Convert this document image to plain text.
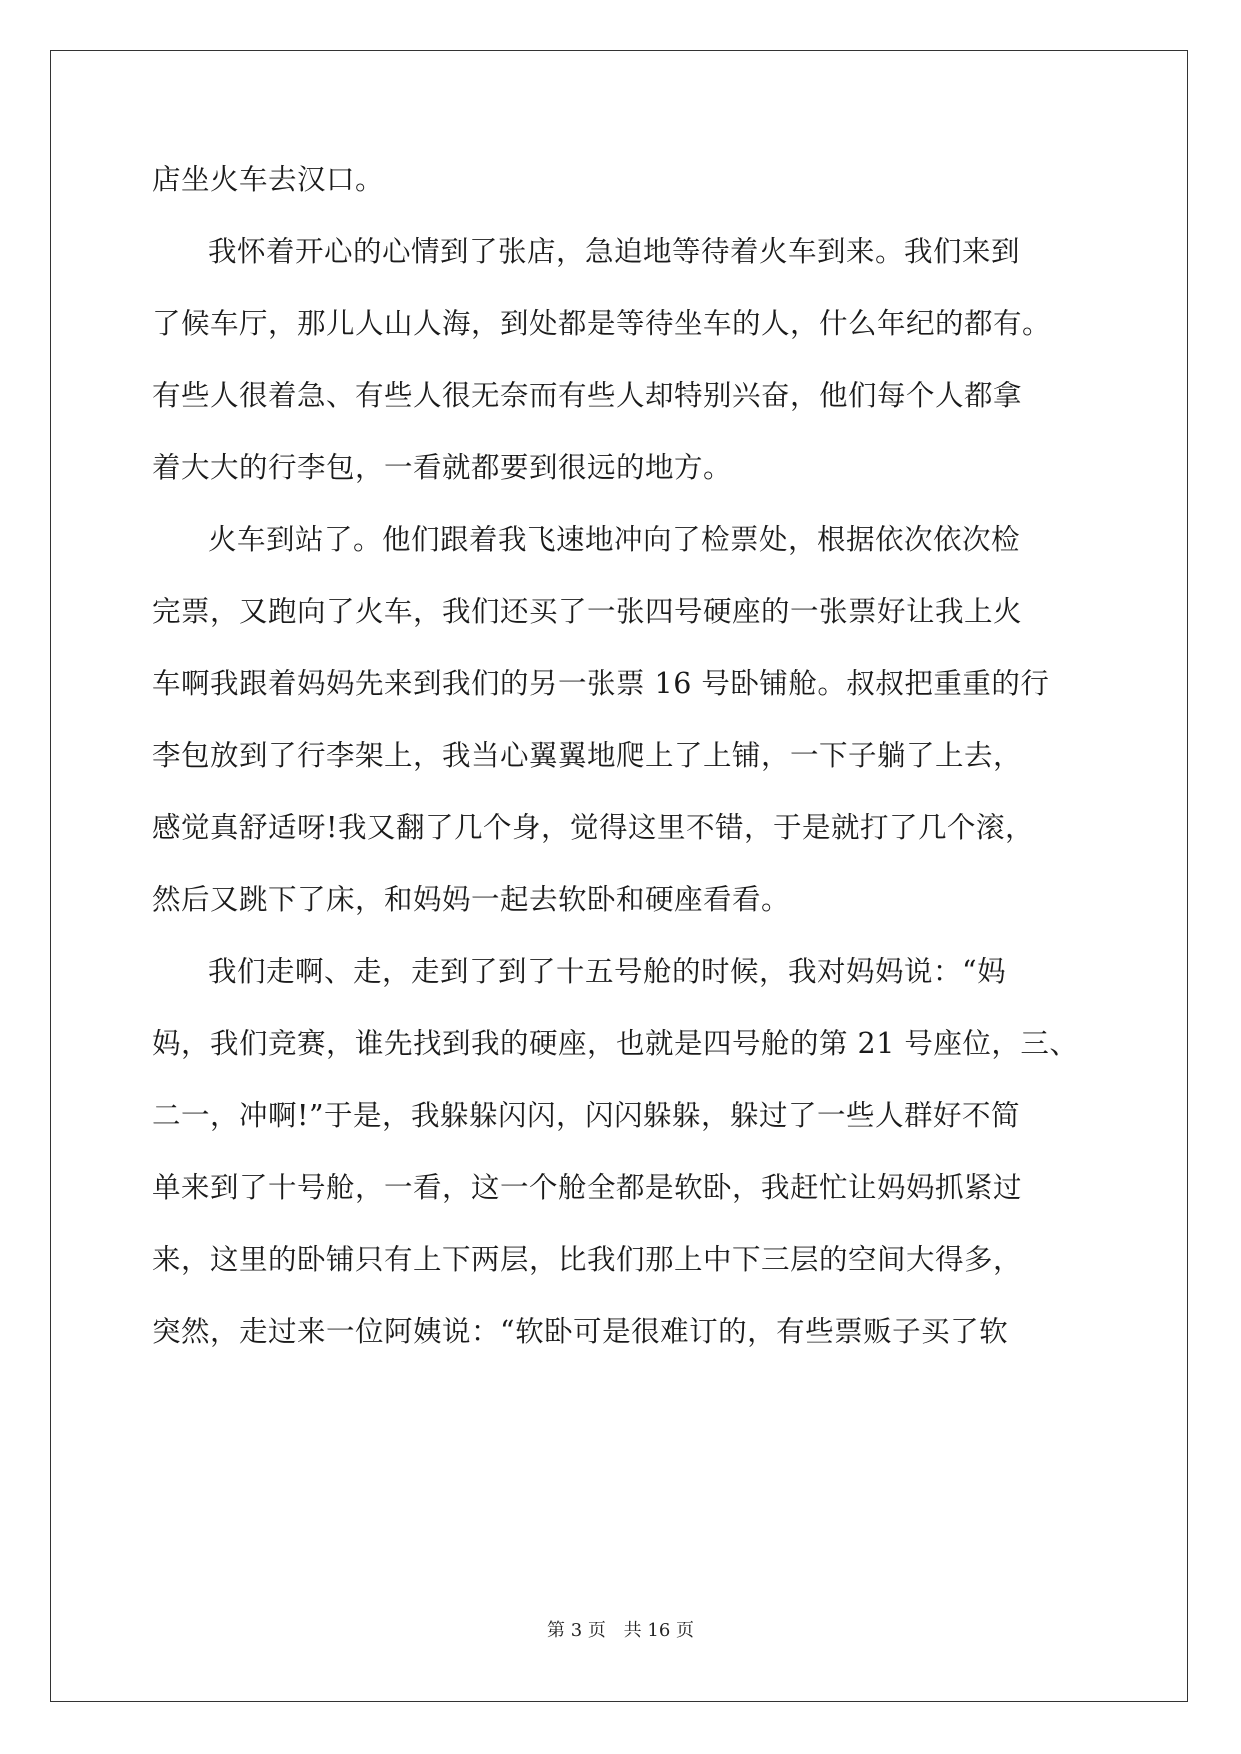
店坐火车去汉口。
我怀着开心的心情到了张店，急迫地等待着火车到来。我们来到
了候车厅，那儿人山人海，到处都是等待坐车的人，什么年纪的都有。
有些人很着急、有些人很无奈而有些人却特别兴奋，他们每个人都拿
着大大的行李包，一看就都要到很远的地方。
火车到站了。他们跟着我飞速地冲向了检票处，根据依次依次检
完票，又跑向了火车，我们还买了一张四号硬座的一张票好让我上火
车啊我跟着妈妈先来到我们的另一张票 16 号卧铺舱。叔叔把重重的行
李包放到了行李架上，我当心翼翼地爬上了上铺，一下子躺了上去，
感觉真舒适呀!我又翻了几个身，觉得这里不错，于是就打了几个滚，
然后又跳下了床，和妈妈一起去软卧和硬座看看。
我们走啊、走，走到了到了十五号舱的时候，我对妈妈说：“妈
妈，我们竞赛，谁先找到我的硬座，也就是四号舱的第 21 号座位，三、
二一，冲啊!”于是，我躲躲闪闪，闪闪躲躲，躲过了一些人群好不简
单来到了十号舱，一看，这一个舱全都是软卧，我赶忙让妈妈抓紧过
来，这里的卧铺只有上下两层，比我们那上中下三层的空间大得多，
突然，走过来一位阿姨说：“软卧可是很难订的，有些票贩子买了软
第 3 页 共 16 页
